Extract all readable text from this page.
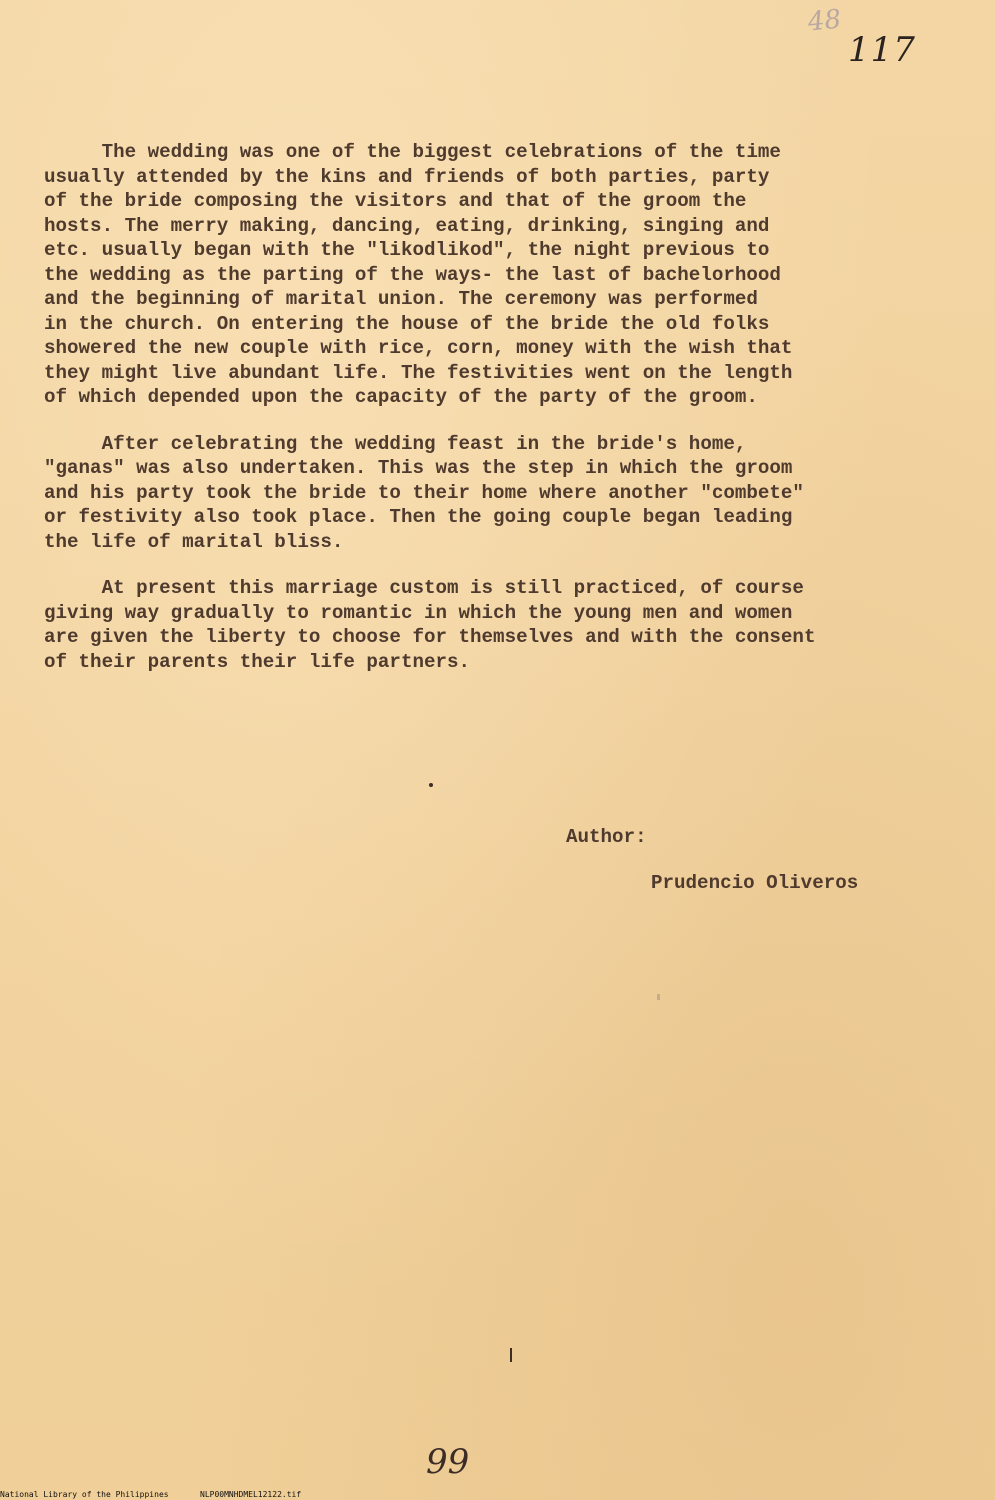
48
117
The wedding was one of the biggest celebrations of the time
usually attended by the kins and friends of both parties, party
of the bride composing the visitors and that of the groom the
hosts. The merry making, dancing, eating, drinking, singing and
etc. usually began with the "likodlikod", the night previous to
the wedding as the parting of the ways- the last of bachelorhood
and the beginning of marital union. The ceremony was performed
in the church. On entering the house of the bride the old folks
showered the new couple with rice, corn, money with the wish that
they might live abundant life. The festivities went on the length
of which depended upon the capacity of the party of the groom.
After celebrating the wedding feast in the bride's home,
"ganas" was also undertaken. This was the step in which the groom
and his party took the bride to their home where another "combete"
or festivity also took place. Then the going couple began leading
the life of marital bliss.
At present this marriage custom is still practiced, of course
giving way gradually to romantic in which the young men and women
are given the liberty to choose for themselves and with the consent
of their parents their life partners.
Author:
Prudencio Oliveros
99

National Library of the Philippines

	NLP00MNHDMEL12122.tif
